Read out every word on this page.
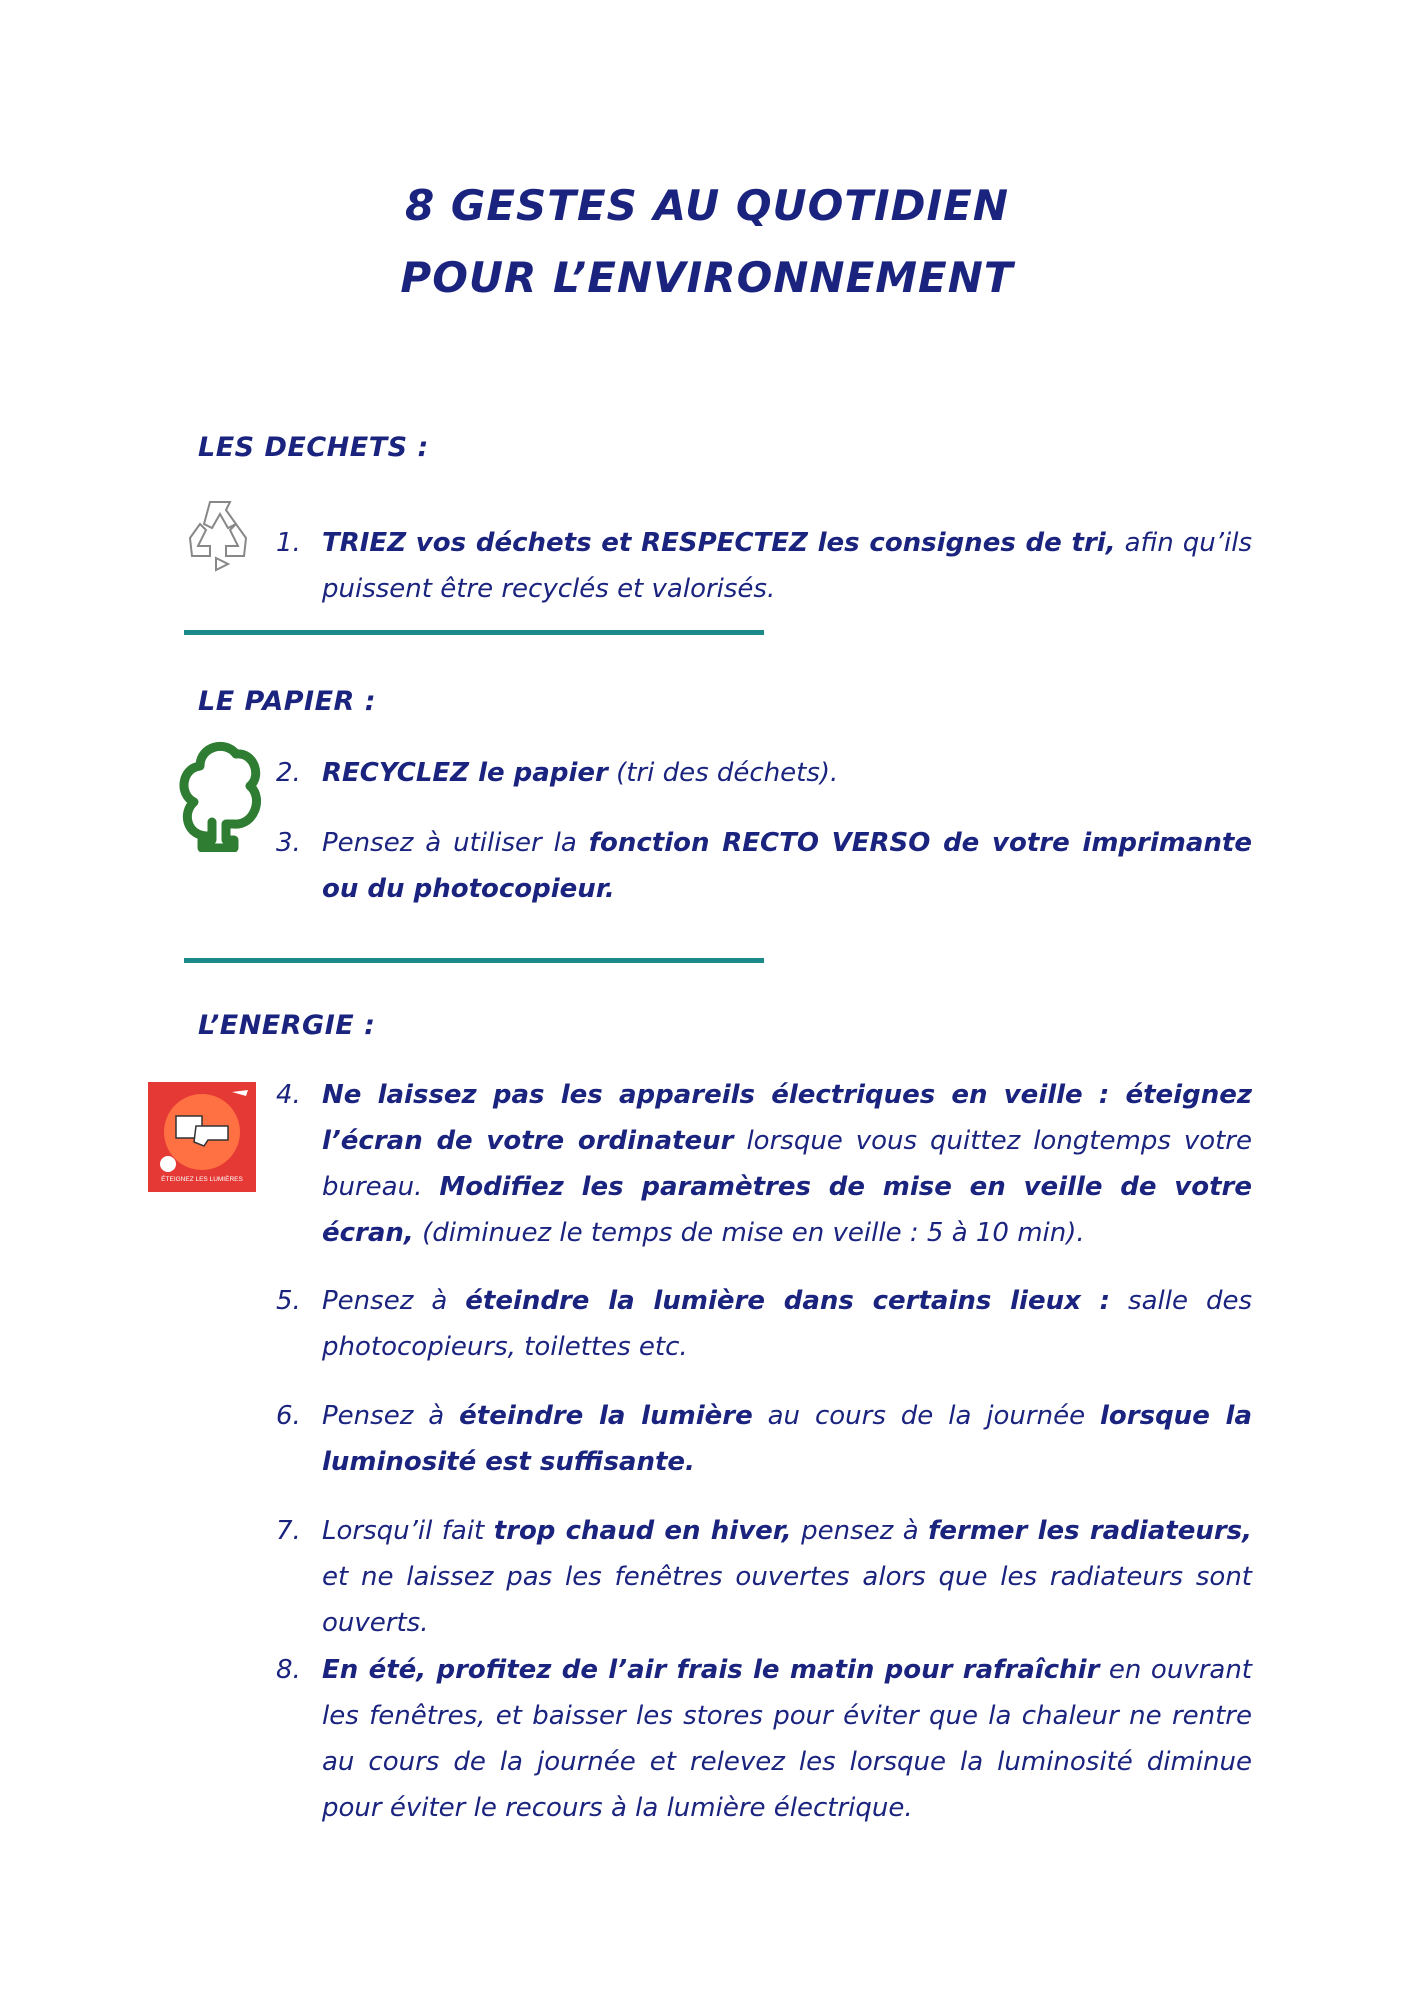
8 GESTES AU QUOTIDIEN
POUR L’ENVIRONNEMENT
LES DECHETS :
1. TRIEZ vos déchets et RESPECTEZ les consignes de tri, afin qu’ils puissent être recyclés et valorisés.
LE PAPIER :
2. RECYCLEZ le papier (tri des déchets).
3. Pensez à utiliser la fonction RECTO VERSO de votre imprimante ou du photocopieur.
L’ENERGIE :
ÉTEIGNEZ LES LUMIÈRES
4. Ne laissez pas les appareils électriques en veille : éteignez l’écran de votre ordinateur lorsque vous quittez longtemps votre bureau. Modifiez les paramètres de mise en veille de votre écran, (diminuez le temps de mise en veille : 5 à 10 min).
5. Pensez à éteindre la lumière dans certains lieux : salle des photocopieurs, toilettes etc.
6. Pensez à éteindre la lumière au cours de la journée lorsque la luminosité est suffisante.
7. Lorsqu’il fait trop chaud en hiver, pensez à fermer les radiateurs, et ne laissez pas les fenêtres ouvertes alors que les radiateurs sont ouverts.
8. En été, profitez de l’air frais le matin pour rafraîchir en ouvrant les fenêtres, et baisser les stores pour éviter que la chaleur ne rentre au cours de la journée et relevez les lorsque la luminosité diminue pour éviter le recours à la lumière électrique.
